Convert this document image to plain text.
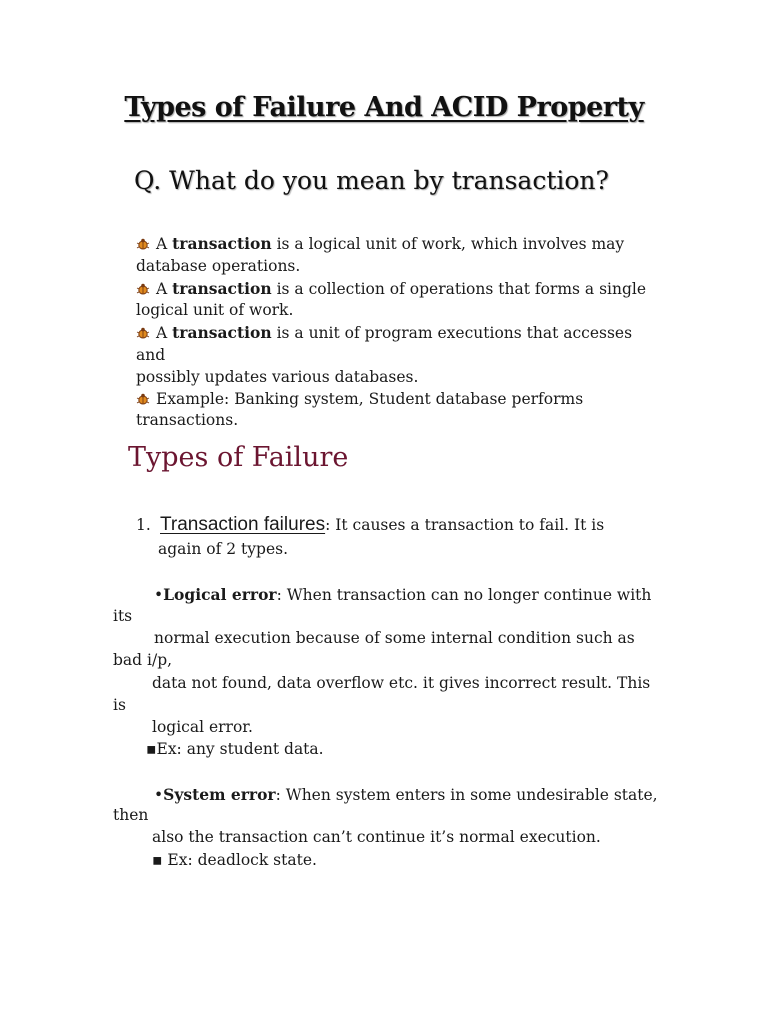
Types of Failure And ACID Property
Q. What do you mean by transaction?
A transaction is a logical unit of work, which involves may
database operations.
A transaction is a collection of operations that forms a single
logical unit of work.
A transaction is a unit of program executions that accesses and
possibly updates various databases.
Example: Banking system, Student database performs
transactions.
Types of Failure
1. Transaction failures: It causes a transaction to fail. It is
again of 2 types.
•Logical error: When transaction can no longer continue with
its
normal execution because of some internal condition such as
bad i/p,
data not found, data overflow etc. it gives incorrect result. This
is
logical error.
▪Ex: any student data.
•System error: When system enters in some undesirable state,
then
also the transaction can’t continue it’s normal execution.
▪ Ex: deadlock state.
